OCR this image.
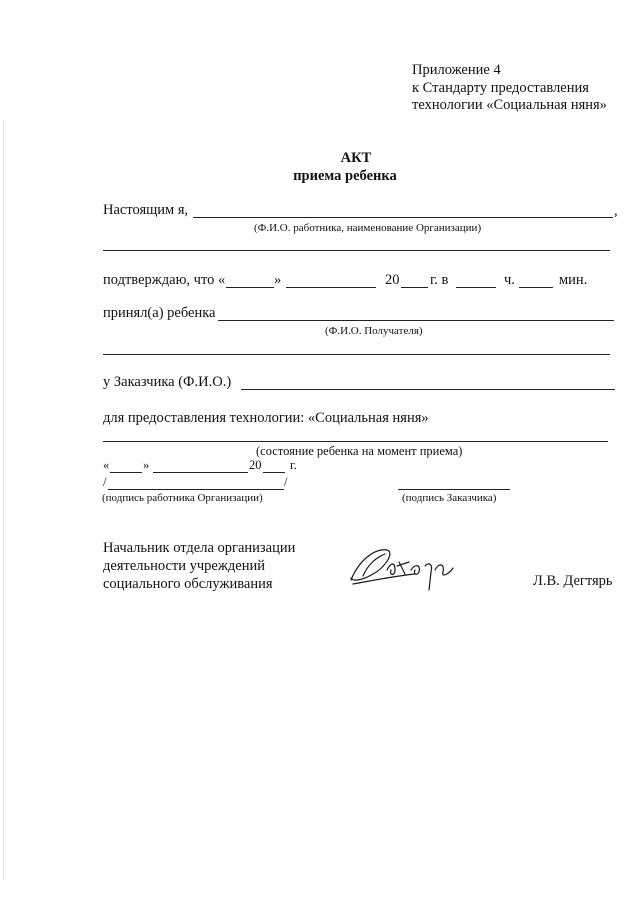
Приложение 4
к Стандарту предоставления
технологии «Социальная няня»
АКТ
приема ребенка
Настоящим я,	,
(Ф.И.О. работника, наименование Организации)
подтверждаю, что «	»	20 г. в	ч.	мин.
принял(а) ребенка
(Ф.И.О. Получателя)
у Заказчика (Ф.И.О.)
для предоставления технологии: «Социальная няня»
(состояние ребенка на момент приема)
«	»	20 г.
/	/
(подпись работника Организации)	(подпись Заказчика)
Начальник отдела организации
деятельности учреждений
социального обслуживания	Л.В. Дегтярь
